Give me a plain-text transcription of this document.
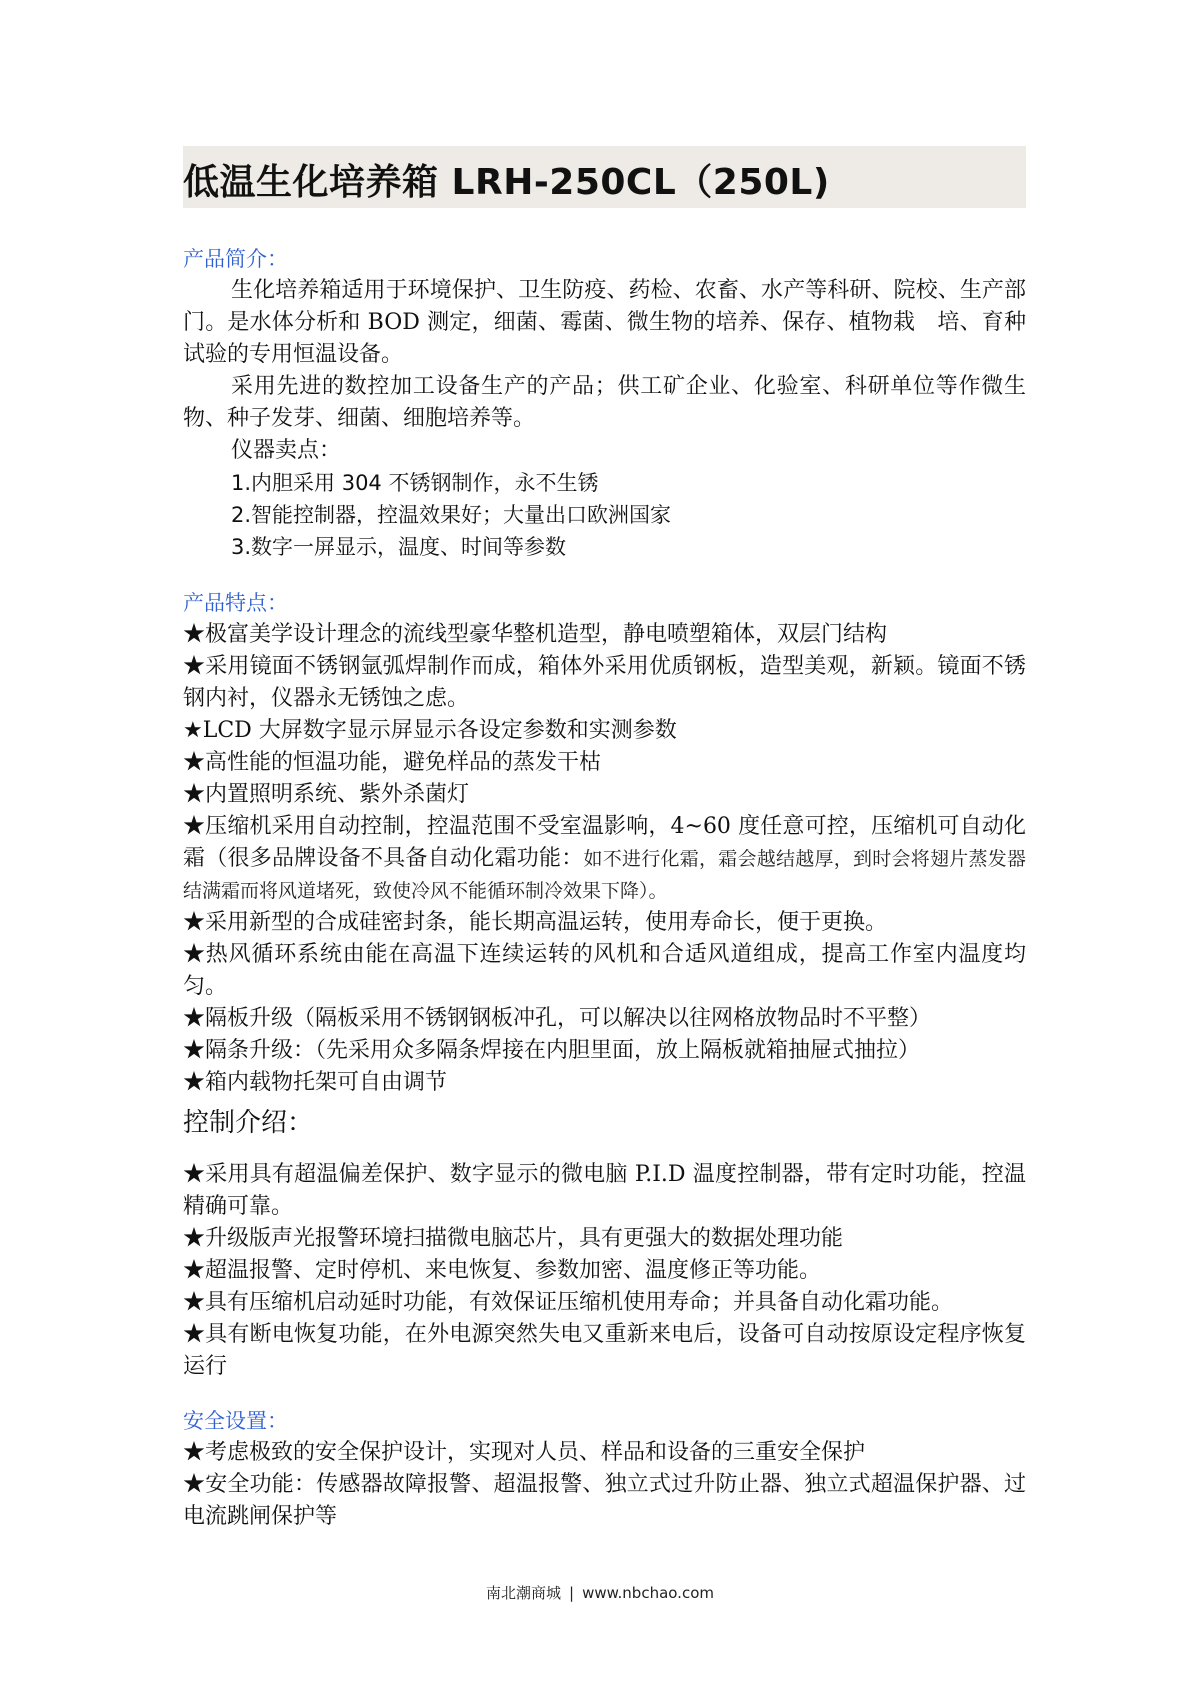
低温生化培养箱 LRH-250CL（250L)

产品简介：

生化培养箱适用于环境保护、卫生防疫、药检、农畜、水产等科研、院校、生产部门。是水体分析和 BOD 测定，细菌、霉菌、微生物的培养、保存、植物栽　培、育种试验的专用恒温设备。

采用先进的数控加工设备生产的产品；供工矿企业、化验室、科研单位等作微生物、种子发芽、细菌、细胞培养等。

仪器卖点：

1.内胆采用 304 不锈钢制作，永不生锈

2.智能控制器，控温效果好；大量出口欧洲国家

3.数字一屏显示，温度、时间等参数

产品特点：

★极富美学设计理念的流线型豪华整机造型，静电喷塑箱体，双层门结构

★采用镜面不锈钢氩弧焊制作而成，箱体外采用优质钢板，造型美观，新颖。镜面不锈钢内衬，仪器永无锈蚀之虑。

★LCD 大屏数字显示屏显示各设定参数和实测参数

★高性能的恒温功能，避免样品的蒸发干枯

★内置照明系统、紫外杀菌灯

★压缩机采用自动控制，控温范围不受室温影响，4~60 度任意可控，压缩机可自动化霜（很多品牌设备不具备自动化霜功能：如不进行化霜，霜会越结越厚，到时会将翅片蒸发器结满霜而将风道堵死，致使冷风不能循环制冷效果下降）。

★采用新型的合成硅密封条，能长期高温运转，使用寿命长，便于更换。

★热风循环系统由能在高温下连续运转的风机和合适风道组成，提高工作室内温度均匀。

★隔板升级（隔板采用不锈钢钢板冲孔，可以解决以往网格放物品时不平整）

★隔条升级：（先采用众多隔条焊接在内胆里面，放上隔板就箱抽屉式抽拉）

★箱内载物托架可自由调节

控制介绍：

★采用具有超温偏差保护、数字显示的微电脑 P.I.D 温度控制器，带有定时功能，控温精确可靠。

★升级版声光报警环境扫描微电脑芯片，具有更强大的数据处理功能

★超温报警、定时停机、来电恢复、参数加密、温度修正等功能。

★具有压缩机启动延时功能，有效保证压缩机使用寿命；并具备自动化霜功能。

★具有断电恢复功能，在外电源突然失电又重新来电后，设备可自动按原设定程序恢复运行

安全设置：

★考虑极致的安全保护设计，实现对人员、样品和设备的三重安全保护

★安全功能：传感器故障报警、超温报警、独立式过升防止器、独立式超温保护器、过电流跳闸保护等

南北潮商城 | www.nbchao.com
